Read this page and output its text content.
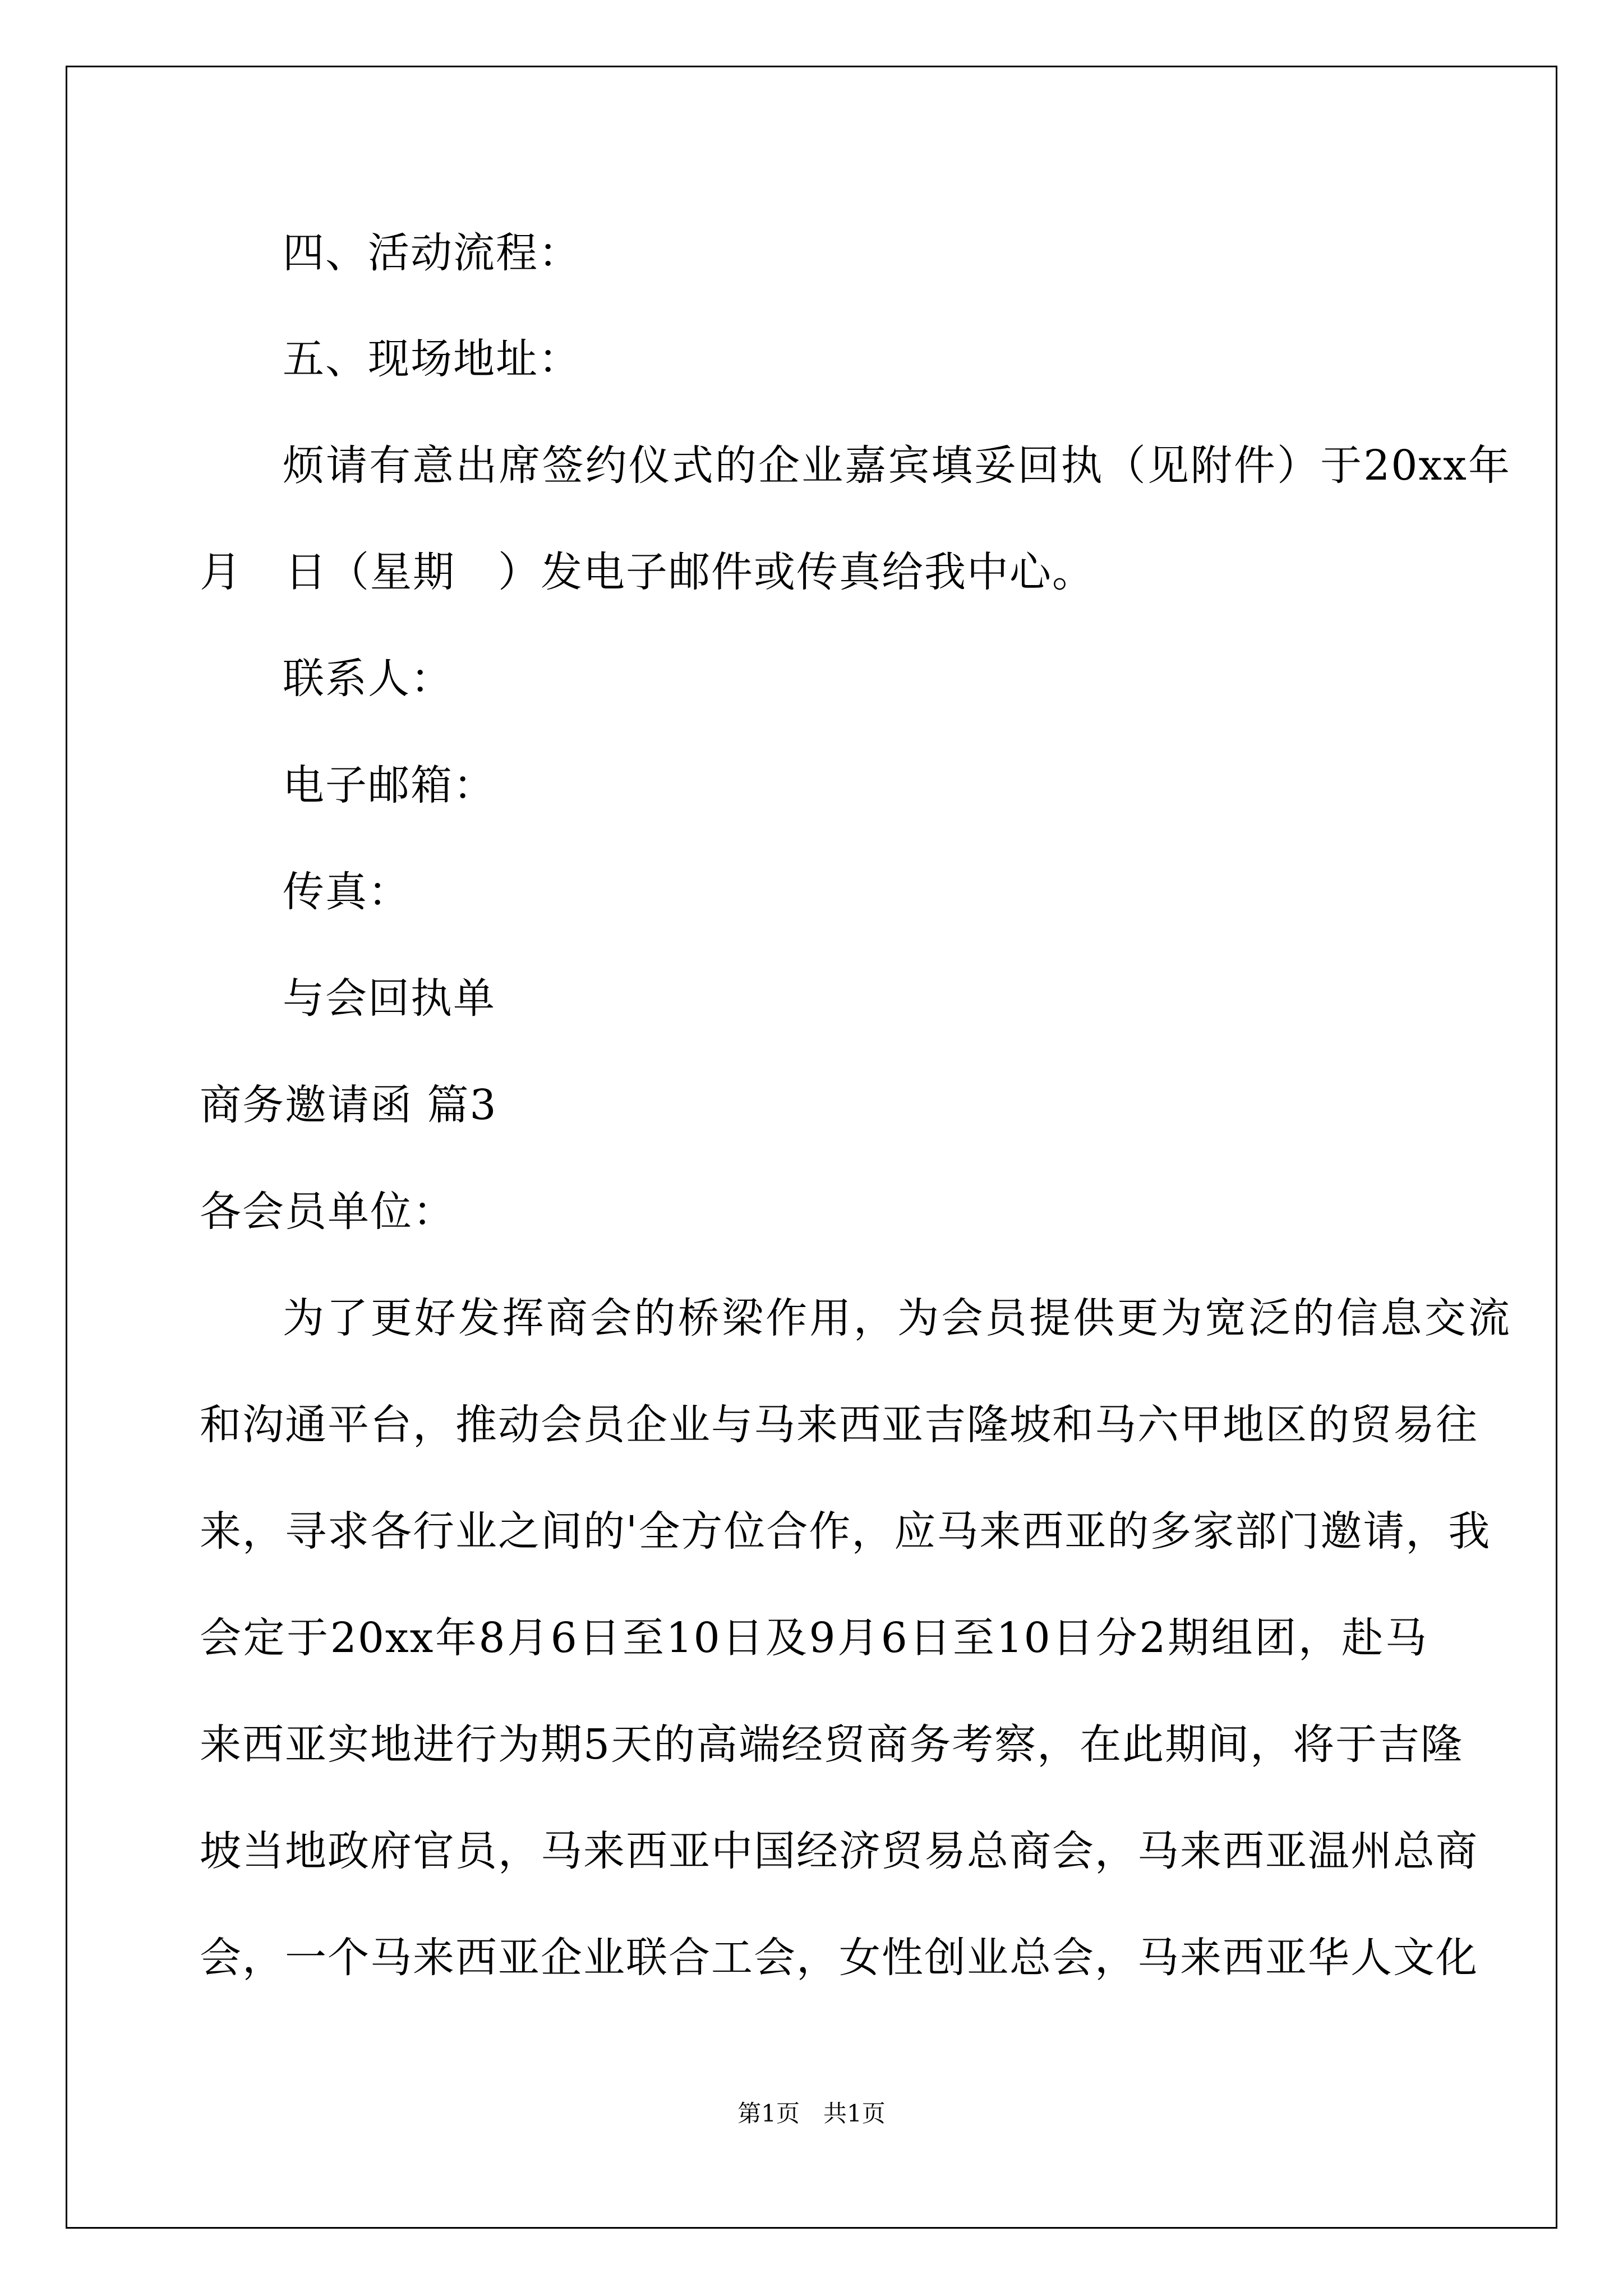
四、活动流程：
五、现场地址：
烦请有意出席签约仪式的企业嘉宾填妥回执（见附件）于20xx年
月　日（星期　）发电子邮件或传真给我中心。
联系人：
电子邮箱：
传真：
与会回执单
商务邀请函 篇3
各会员单位：
为了更好发挥商会的桥梁作用，为会员提供更为宽泛的信息交流
和沟通平台，推动会员企业与马来西亚吉隆坡和马六甲地区的贸易往
来，寻求各行业之间的'全方位合作，应马来西亚的多家部门邀请，我
会定于20xx年8月6日至10日及9月6日至10日分2期组团，赴马
来西亚实地进行为期5天的高端经贸商务考察，在此期间，将于吉隆
坡当地政府官员，马来西亚中国经济贸易总商会，马来西亚温州总商
会，一个马来西亚企业联合工会，女性创业总会，马来西亚华人文化
第1页　共1页
